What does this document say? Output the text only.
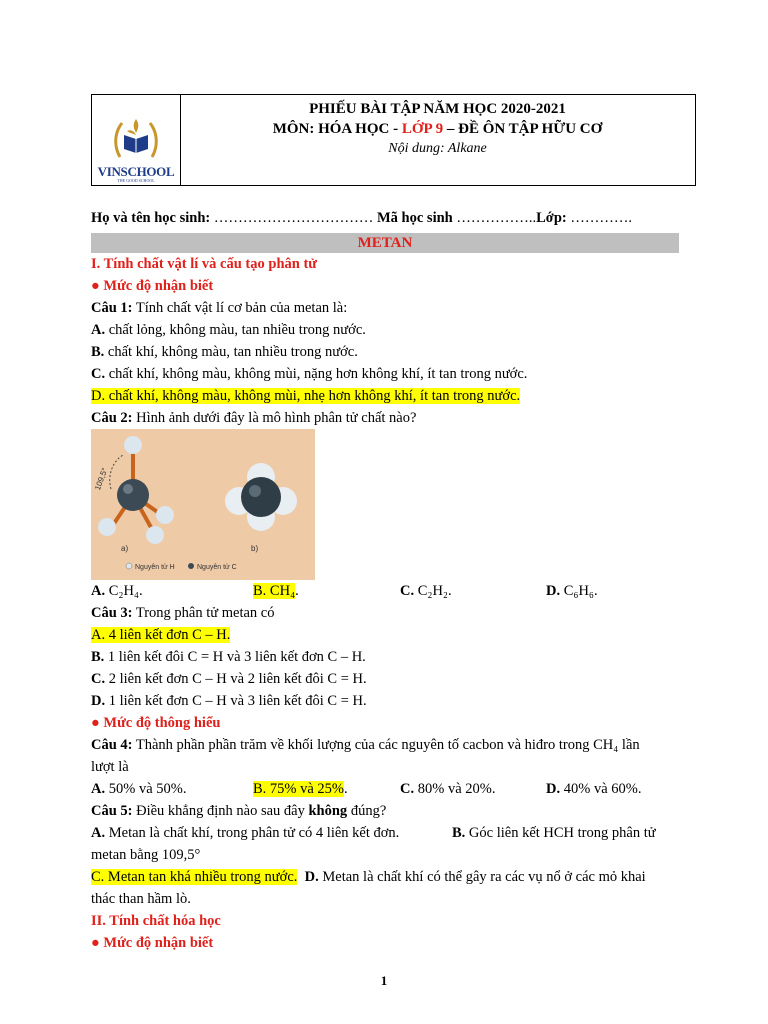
VINSCHOOL
THE GOOD SCHOOL
PHIẾU BÀI TẬP NĂM HỌC 2020-2021
MÔN: HÓA HỌC - LỚP 9 – ĐỀ ÔN TẬP HỮU CƠ
Nội dung: Alkane
Họ và tên học sinh: …………………………… Mã học sinh ……………..Lớp: ………….
METAN
I. Tính chất vật lí và cấu tạo phân tử
● Mức độ nhận biết
Câu 1: Tính chất vật lí cơ bản của metan là:
A. chất lỏng, không màu, tan nhiều trong nước.
B. chất khí, không màu, tan nhiều trong nước.
C. chất khí, không màu, không mùi, nặng hơn không khí, ít tan trong nước.
D. chất khí, không màu, không mùi, nhẹ hơn không khí, ít tan trong nước.
Câu 2: Hình ảnh dưới đây là mô hình phân tử chất nào?
109,5°
a)	b)
Nguyên tử H	Nguyên tử C
A. C₂H₄.	B. CH₄.	C. C₂H₂.	D. C₆H₆.
Câu 3: Trong phân tử metan có
A. 4 liên kết đơn C – H.
B. 1 liên kết đôi C = H và 3 liên kết đơn C – H.
C. 2 liên kết đơn C – H và 2 liên kết đôi C = H.
D. 1 liên kết đơn C – H và 3 liên kết đôi C = H.
● Mức độ thông hiểu
Câu 4: Thành phần phần trăm về khối lượng của các nguyên tố cacbon và hiđro trong CH₄ lần
lượt là
A. 50% và 50%.	B. 75% và 25%.	C. 80% và 20%.	D. 40% và 60%.
Câu 5: Điều khẳng định nào sau đây không đúng?
A. Metan là chất khí, trong phân tử có 4 liên kết đơn.	B. Góc liên kết HCH trong phân tử
metan bằng 109,5°
C. Metan tan khá nhiều trong nước. D. Metan là chất khí có thể gây ra các vụ nổ ở các mỏ khai
thác than hầm lò.
II. Tính chất hóa học
● Mức độ nhận biết
1
